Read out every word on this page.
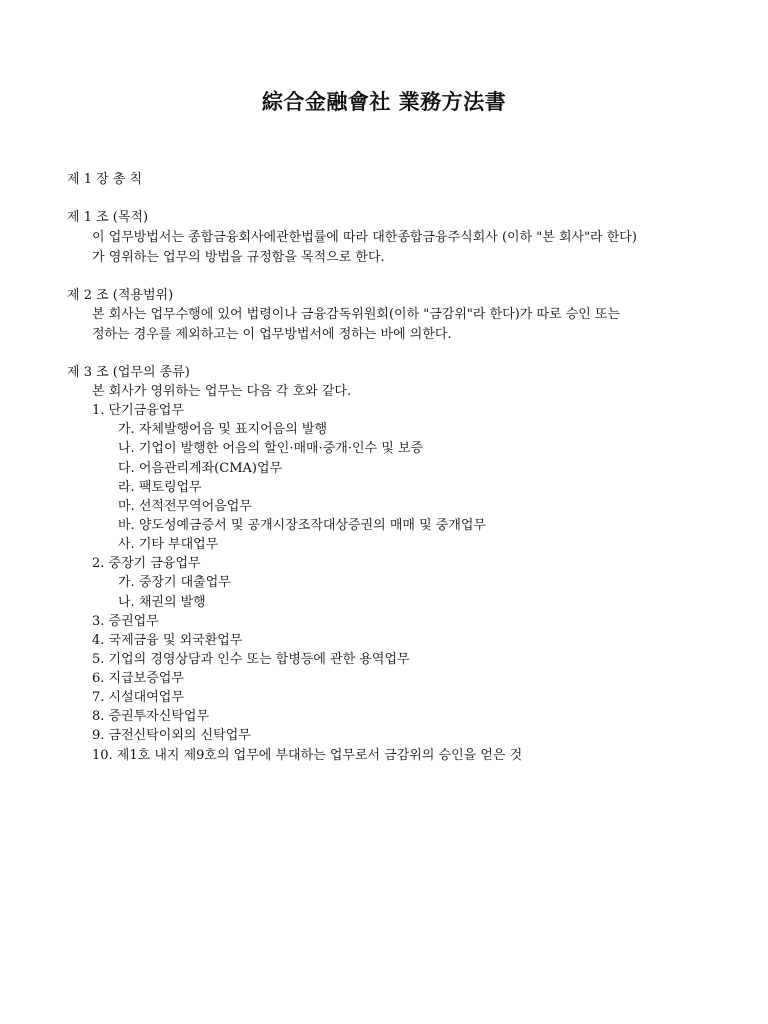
綜合金融會社 業務方法書
제 1 장 총 칙
제 1 조 (목적)
이 업무방법서는 종합금융회사에관한법률에 따라 대한종합금융주식회사 (이하 "본 회사"라 한다)
가 영위하는 업무의 방법을 규정함을 목적으로 한다.
제 2 조 (적용범위)
본 회사는 업무수행에 있어 법령이나 금융감독위원회(이하 "금감위"라 한다)가 따로 승인 또는
정하는 경우를 제외하고는 이 업무방법서에 정하는 바에 의한다.
제 3 조 (업무의 종류)
본 회사가 영위하는 업무는 다음 각 호와 같다.
1. 단기금융업무
가. 자체발행어음 및 표지어음의 발행
나. 기업이 발행한 어음의 할인·매매·중개·인수 및 보증
다. 어음관리계좌(CMA)업무
라. 팩토링업무
마. 선적전무역어음업무
바. 양도성예금증서 및 공개시장조작대상증권의 매매 및 중개업무
사. 기타 부대업무
2. 중장기 금융업무
가. 중장기 대출업무
나. 채권의 발행
3. 증권업무
4. 국제금융 및 외국환업무
5. 기업의 경영상담과 인수 또는 합병등에 관한 용역업무
6. 지급보증업무
7. 시설대여업무
8. 증권투자신탁업무
9. 금전신탁이외의 신탁업무
10. 제1호 내지 제9호의 업무에 부대하는 업무로서 금감위의 승인을 얻은 것
